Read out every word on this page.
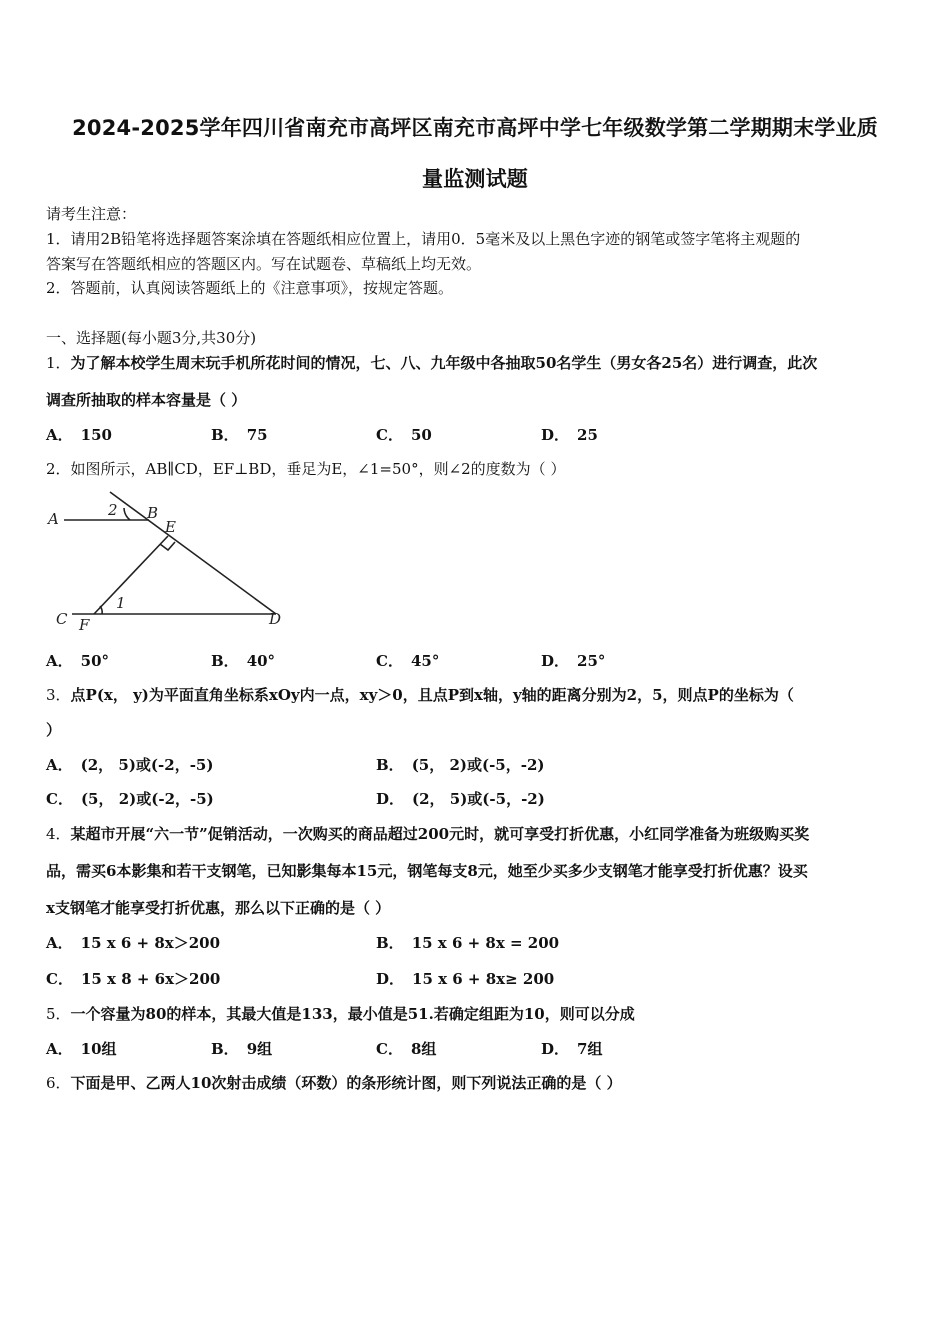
2024-2025学年四川省南充市高坪区南充市高坪中学七年级数学第二学期期末学业质
量监测试题
请考生注意：
1．请用2B铅笔将选择题答案涂填在答题纸相应位置上，请用0．5毫米及以上黑色字迹的钢笔或签字笔将主观题的
答案写在答题纸相应的答题区内。写在试题卷、草稿纸上均无效。
2．答题前，认真阅读答题纸上的《注意事项》，按规定答题。
一、选择题(每小题3分,共30分)
1．为了解本校学生周末玩手机所花时间的情况，七、八、九年级中各抽取50名学生（男女各25名）进行调查，此次
调查所抽取的样本容量是（ ）
A． 150	B． 75	C． 50	D． 25
2．如图所示，AB∥CD，EF⊥BD，垂足为E，∠1=50°，则∠2的度数为（ ）
A	2 B
E
1
C F	D
A． 50°	B． 40°	C． 45°	D． 25°
3．点P(x， y)为平面直角坐标系xOy内一点，xy＞0，且点P到x轴，y轴的距离分别为2，5，则点P的坐标为（
）
A． (2， 5)或(-2，-5)	B． (5， 2)或(-5，-2)
C． (5， 2)或(-2，-5)	D． (2， 5)或(-5，-2)
4．某超市开展“六一节”促销活动，一次购买的商品超过200元时，就可享受打折优惠，小红同学准备为班级购买奖
品，需买6本影集和若干支钢笔，已知影集每本15元，钢笔每支8元，她至少买多少支钢笔才能享受打折优惠？设买
x支钢笔才能享受打折优惠，那么以下正确的是（ ）
A． 15 x 6 + 8x＞200	B． 15 x 6 + 8x = 200
C． 15 x 8 + 6x＞200	D． 15 x 6 + 8x≥ 200
5．一个容量为80的样本，其最大值是133，最小值是51.若确定组距为10，则可以分成
A． 10组	B． 9组	C． 8组	D． 7组
6．下面是甲、乙两人10次射击成绩（环数）的条形统计图，则下列说法正确的是（ ）
